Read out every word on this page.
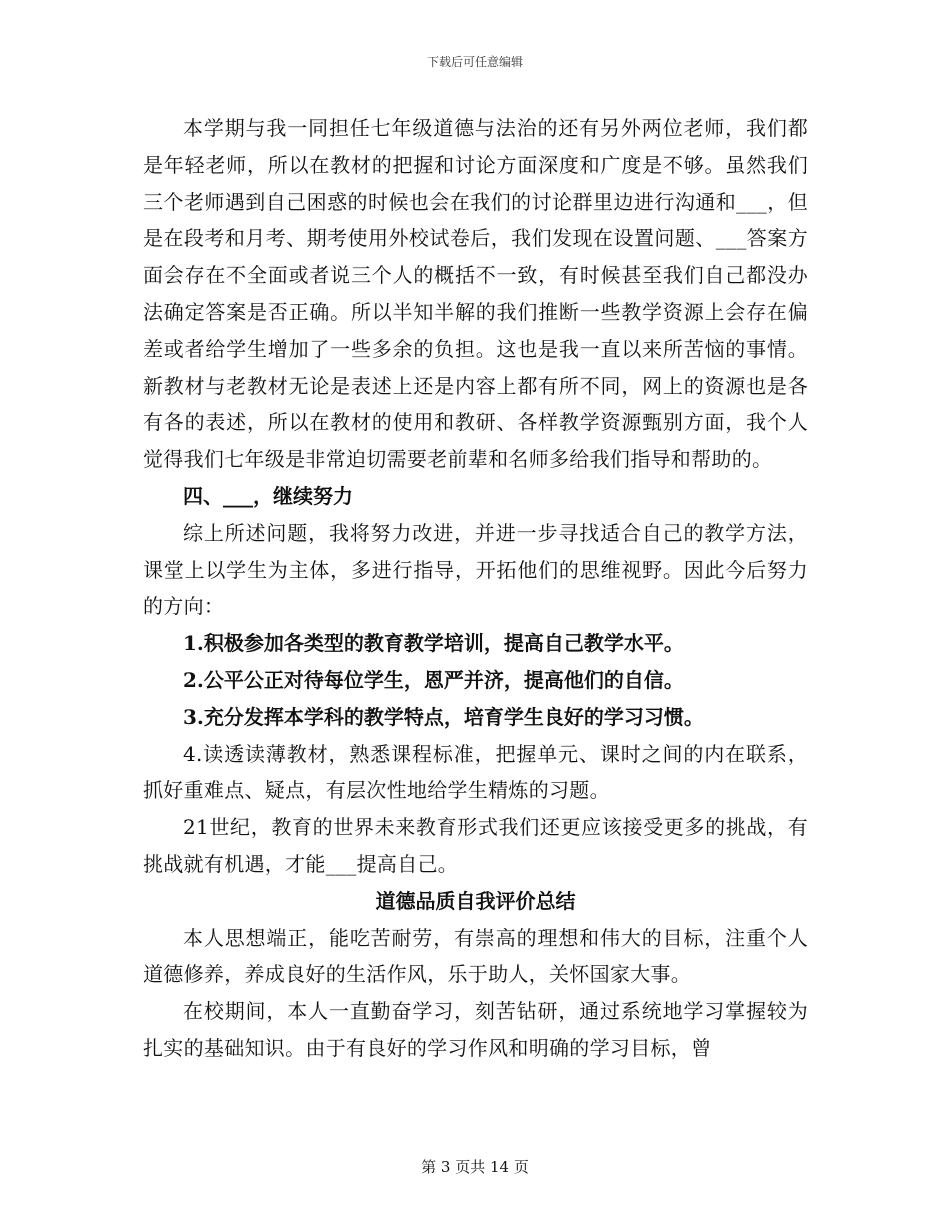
下载后可任意编辑

本学期与我一同担任七年级道德与法治的还有另外两位老师，我们都是年轻老师，所以在教材的把握和讨论方面深度和广度是不够。虽然我们三个老师遇到自己困惑的时候也会在我们的讨论群里边进行沟通和___，但是在段考和月考、期考使用外校试卷后，我们发现在设置问题、___答案方面会存在不全面或者说三个人的概括不一致，有时候甚至我们自己都没办法确定答案是否正确。所以半知半解的我们推断一些教学资源上会存在偏差或者给学生增加了一些多余的负担。这也是我一直以来所苦恼的事情。新教材与老教材无论是表述上还是内容上都有所不同，网上的资源也是各有各的表述，所以在教材的使用和教研、各样教学资源甄别方面，我个人觉得我们七年级是非常迫切需要老前辈和名师多给我们指导和帮助的。

四、___，继续努力

综上所述问题，我将努力改进，并进一步寻找适合自己的教学方法，课堂上以学生为主体，多进行指导，开拓他们的思维视野。因此今后努力的方向：

1.积极参加各类型的教育教学培训，提高自己教学水平。

2.公平公正对待每位学生，恩严并济，提高他们的自信。

3.充分发挥本学科的教学特点，培育学生良好的学习习惯。

4.读透读薄教材，熟悉课程标准，把握单元、课时之间的内在联系，抓好重难点、疑点，有层次性地给学生精炼的习题。

21世纪，教育的世界未来教育形式我们还更应该接受更多的挑战，有挑战就有机遇，才能___提高自己。

道德品质自我评价总结

本人思想端正，能吃苦耐劳，有崇高的理想和伟大的目标，注重个人道德修养，养成良好的生活作风，乐于助人，关怀国家大事。

在校期间，本人一直勤奋学习，刻苦钻研，通过系统地学习掌握较为扎实的基础知识。由于有良好的学习作风和明确的学习目标，曾

第 3 页共 14 页
